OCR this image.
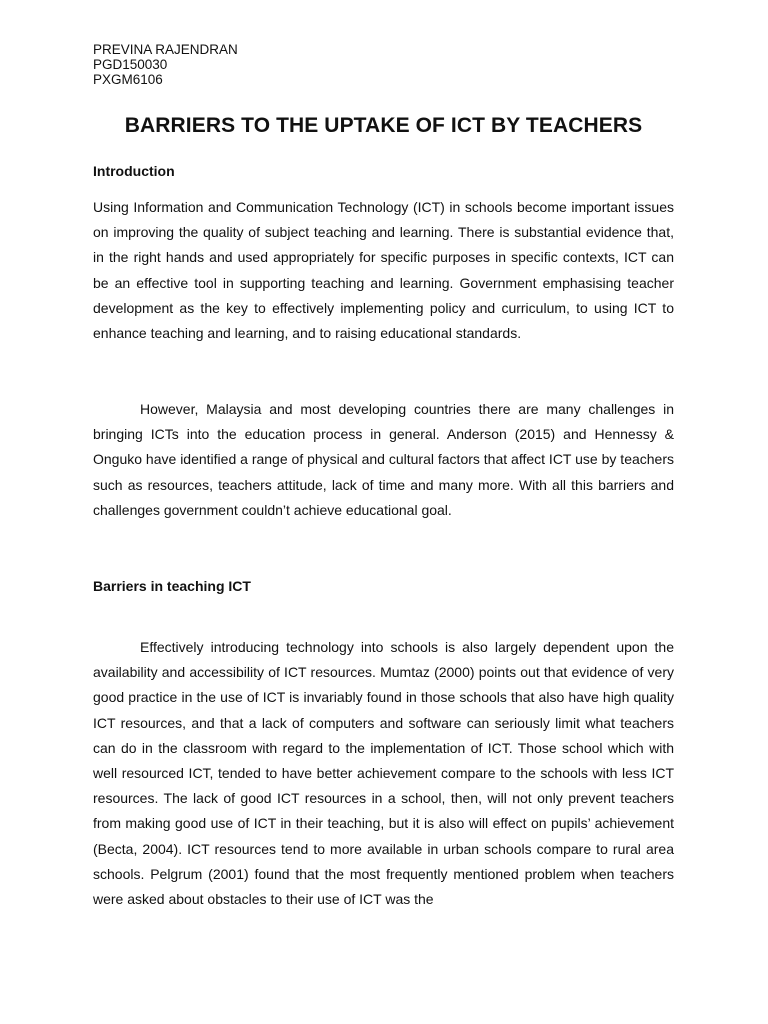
PREVINA RAJENDRAN

PGD150030

PXGM6106

BARRIERS TO THE UPTAKE OF ICT BY TEACHERS
Introduction

Using Information and Communication Technology (ICT) in schools become important issues on improving the quality of subject teaching and learning. There is substantial evidence that, in the right hands and used appropriately for specific purposes in specific contexts, ICT can be an effective tool in supporting teaching and learning. Government emphasising teacher development as the key to effectively implementing policy and curriculum, to using ICT to enhance teaching and learning, and to raising educational standards.

However, Malaysia and most developing countries there are many challenges in bringing ICTs into the education process in general. Anderson (2015) and Hennessy & Onguko have identified a range of physical and cultural factors that affect ICT use by teachers such as resources, teachers attitude, lack of time and many more. With all this barriers and challenges government couldn’t achieve educational goal.

Barriers in teaching ICT

Effectively introducing technology into schools is also largely dependent upon the availability and accessibility of ICT resources. Mumtaz (2000) points out that evidence of very good practice in the use of ICT is invariably found in those schools that also have high quality ICT resources, and that a lack of computers and software can seriously limit what teachers can do in the classroom with regard to the implementation of ICT. Those school which with well resourced ICT, tended to have better achievement compare to the schools with less ICT resources. The lack of good ICT resources in a school, then, will not only prevent teachers from making good use of ICT in their teaching, but it is also will effect on pupils’ achievement (Becta, 2004). ICT resources tend to more available in urban schools compare to rural area schools. Pelgrum (2001) found that the most frequently mentioned problem when teachers were asked about obstacles to their use of ICT was the
